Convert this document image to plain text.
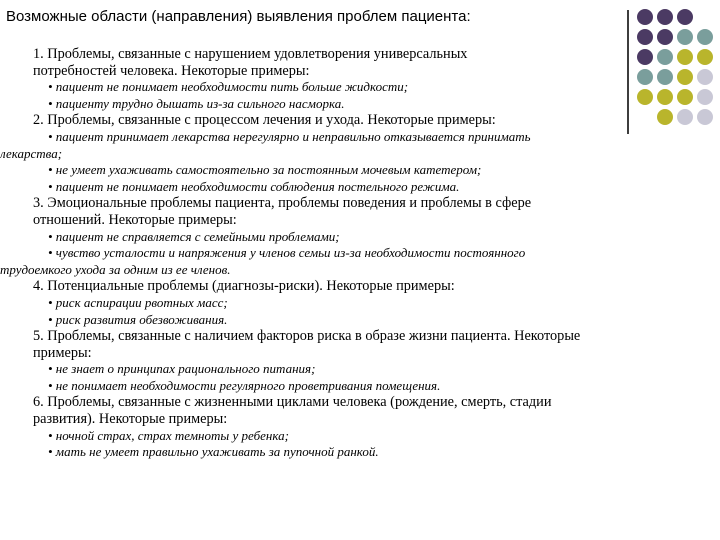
Возможные области (направления) выявления проблем пациента:

1. Проблемы, связанные с нарушением удовлетворения универсальных

потребностей человека. Некоторые примеры:

• пациент не понимает необходимости пить больше жидкости;

• пациенту трудно дышать из-за сильного насморка.

2. Проблемы, связанные с процессом лечения и ухода. Некоторые примеры:

• пациент принимает лекарства нерегулярно и неправильно отказывается принимать

лекарства;

• не умеет ухаживать самостоятельно за постоянным мочевым катетером;

• пациент не понимает необходимости соблюдения постельного режима.

3. Эмоциональные проблемы пациента, проблемы поведения и проблемы в сфере

отношений. Некоторые примеры:

• пациент не справляется с семейными проблемами;

• чувство усталости и напряжения у членов семьи из-за необходимости постоянного

трудоемкого ухода за одним из ее членов.

4. Потенциальные проблемы (диагнозы-риски). Некоторые примеры:

• риск аспирации рвотных масс;

• риск развития обезвоживания.

5. Проблемы, связанные с наличием факторов риска в образе жизни пациента. Некоторые

примеры:

• не знает о принципах рационального питания;

• не понимает необходимости регулярного проветривания помещения.

6. Проблемы, связанные с жизненными циклами человека (рождение, смерть, стадии

развития). Некоторые примеры:

• ночной страх, страх темноты у ребенка;

• мать не умеет правильно ухаживать за пупочной ранкой.
